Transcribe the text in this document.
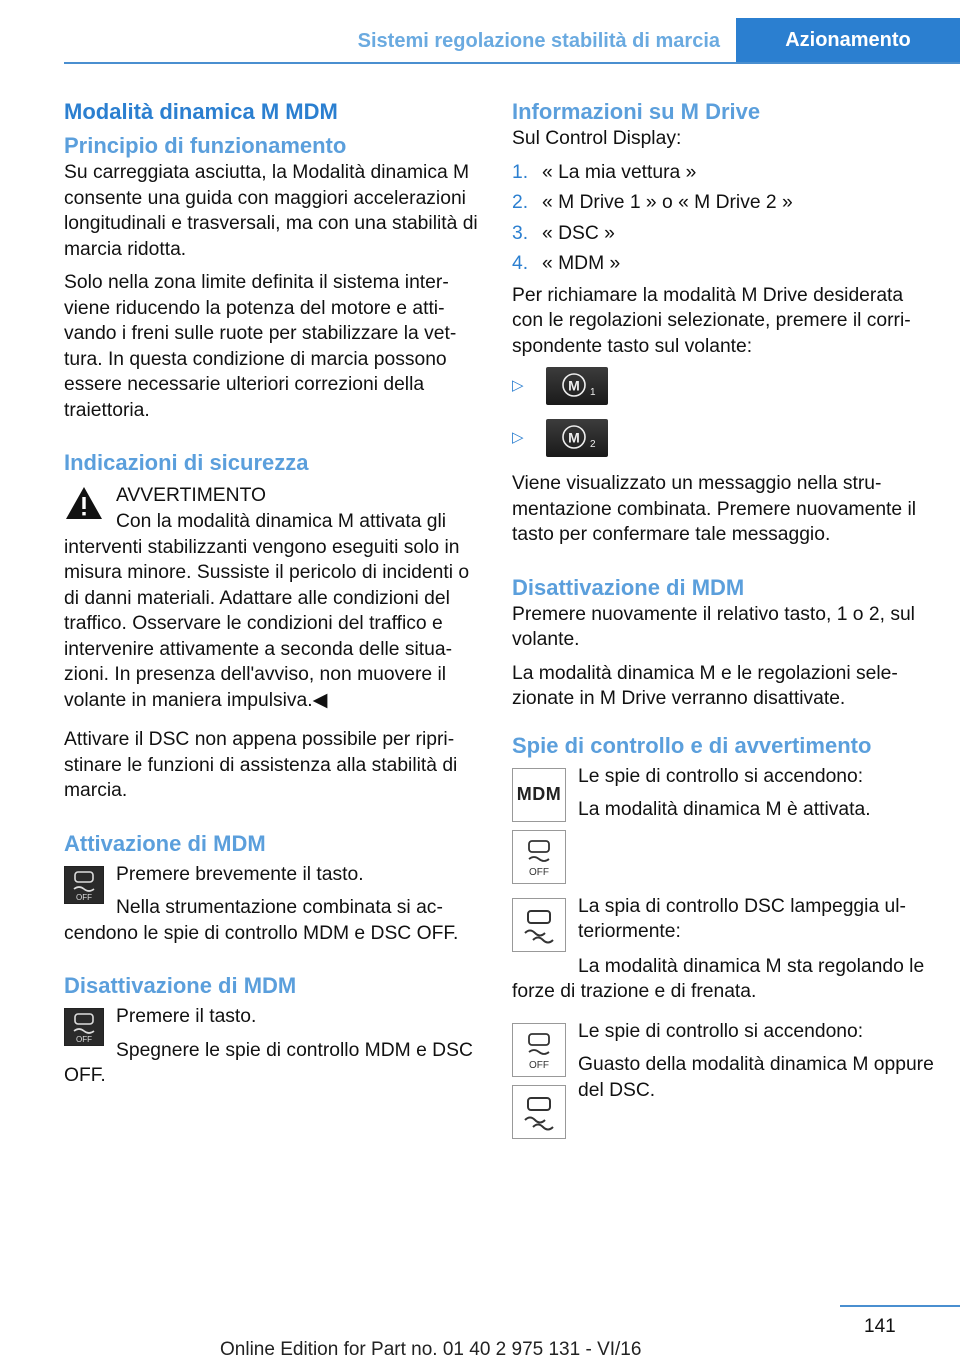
Sistemi regolazione stabilità di marcia	Azionamento
Modalità dinamica M MDM
Principio di funzionamento

Su carreggiata asciutta, la Modalità dinamica M consente una guida con maggiori accelerazioni longitudinali e trasversali, ma con una stabilità di marcia ridotta.

Solo nella zona limite definita il sistema interviene riducendo la potenza del motore e attivando i freni sulle ruote per stabilizzare la vettura. In questa condizione di marcia possono essere necessarie ulteriori correzioni della traiettoria.

Indicazioni di sicurezza
AVVERTIMENTO

Con la modalità dinamica M attivata gli interventi stabilizzanti vengono eseguiti solo in misura minore. Sussiste il pericolo di incidenti o di danni materiali. Adattare alle condizioni del traffico. Osservare le condizioni del traffico e intervenire attivamente a seconda delle situazioni. In presenza dell'avviso, non muovere il volante in maniera impulsiva.◀

Attivare il DSC non appena possibile per ripristinare le funzioni di assistenza alla stabilità di marcia.

Attivazione di MDM
OFF

Premere brevemente il tasto.

Nella strumentazione combinata si accendono le spie di controllo MDM e DSC OFF.

Disattivazione di MDM
OFF

Premere il tasto.

Spegnere le spie di controllo MDM e DSC OFF.

Informazioni su M Drive

Sul Control Display:

1. « La mia vettura »
2. « M Drive 1 » o « M Drive 2 »
3. « DSC »
4. « MDM »

Per richiamare la modalità M Drive desiderata con le regolazioni selezionate, premere il corrispondente tasto sul volante:

▷	M 1
▷	M 2

Viene visualizzato un messaggio nella strumentazione combinata. Premere nuovamente il tasto per confermare tale messaggio.

Disattivazione di MDM

Premere nuovamente il relativo tasto, 1 o 2, sul volante.

La modalità dinamica M e le regolazioni selezionate in M Drive verranno disattivate.

Spie di controllo e di avvertimento
MDM
OFF

Le spie di controllo si accendono:

La modalità dinamica M è attivata.

La spia di controllo DSC lampeggia ulteriormente:

La modalità dinamica M sta regolando le forze di trazione e di frenata.

OFF

Le spie di controllo si accendono:

Guasto della modalità dinamica M oppure del DSC.

141
Online Edition for Part no. 01 40 2 975 131 - VI/16
